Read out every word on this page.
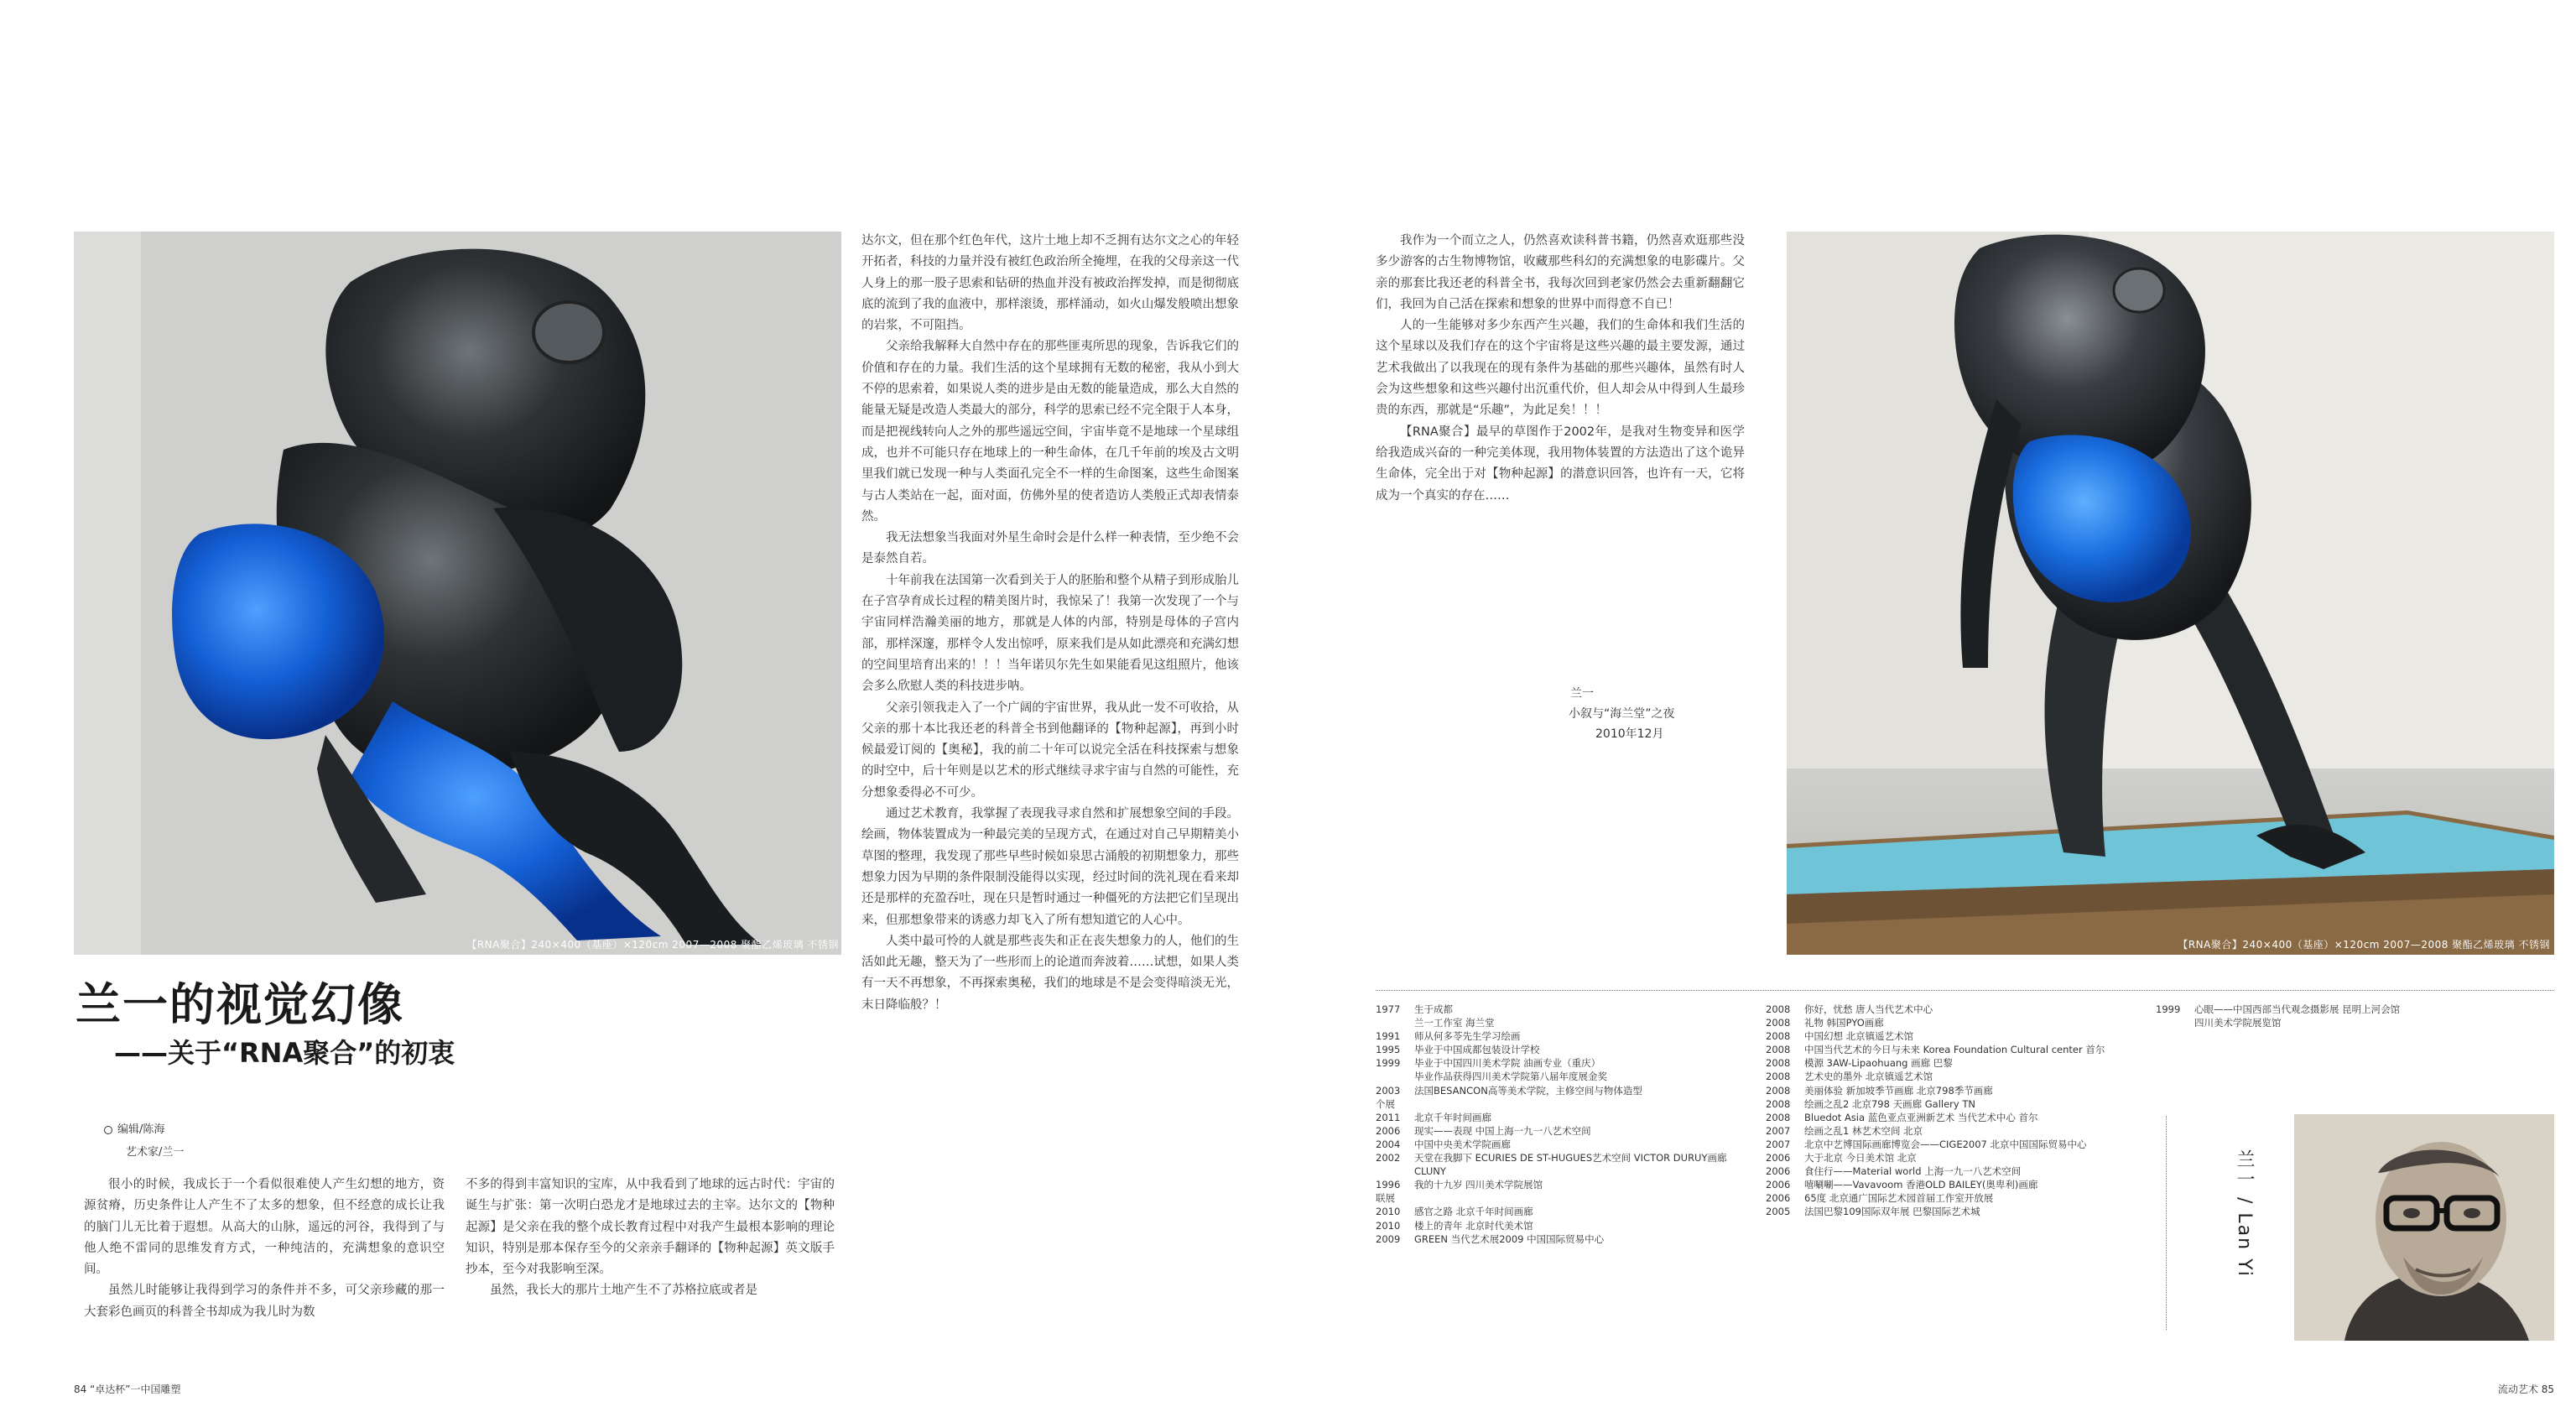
【RNA聚合】240×400（基座）×120cm 2007—2008 聚酯乙烯玻璃 不锈钢
兰一的视觉幻像
——关于“RNA聚合”的初衷
编辑/陈海
艺术家/兰一

很小的时候，我成长于一个看似很难使人产生幻想的地方，资源贫瘠，历史条件让人产生不了太多的想象，但不经意的成长让我的脑门儿无比着于遐想。从高大的山脉，遥远的河谷，我得到了与他人绝不雷同的思维发育方式，一种纯洁的，充满想象的意识空间。

虽然儿时能够让我得到学习的条件并不多，可父亲珍藏的那一大套彩色画页的科普全书却成为我儿时为数

不多的得到丰富知识的宝库，从中我看到了地球的远古时代：宇宙的诞生与扩张：第一次明白恐龙才是地球过去的主宰。达尔文的【物种起源】是父亲在我的整个成长教育过程中对我产生最根本影响的理论知识，特别是那本保存至今的父亲亲手翻译的【物种起源】英文版手抄本，至今对我影响至深。

虽然，我长大的那片土地产生不了苏格拉底或者是

达尔文，但在那个红色年代，这片土地上却不乏拥有达尔文之心的年轻开拓者，科技的力量并没有被红色政治所全掩埋，在我的父母亲这一代人身上的那一股子思索和钻研的热血并没有被政治挥发掉，而是彻彻底底的流到了我的血液中，那样滚烫，那样涌动，如火山爆发般喷出想象的岩浆，不可阻挡。

父亲给我解释大自然中存在的那些匪夷所思的现象，告诉我它们的价值和存在的力量。我们生活的这个星球拥有无数的秘密，我从小到大不停的思索着，如果说人类的进步是由无数的能量造成，那么大自然的能量无疑是改造人类最大的部分，科学的思索已经不完全限于人本身，而是把视线转向人之外的那些遥远空间，宇宙毕竟不是地球一个星球组成，也并不可能只存在地球上的一种生命体，在几千年前的埃及古文明里我们就已发现一种与人类面孔完全不一样的生命图案，这些生命图案与古人类站在一起，面对面，仿佛外星的使者造访人类般正式却表情泰然。

我无法想象当我面对外星生命时会是什么样一种表情，至少绝不会是泰然自若。

十年前我在法国第一次看到关于人的胚胎和整个从精子到形成胎儿在子宫孕育成长过程的精美图片时，我惊呆了！我第一次发现了一个与宇宙同样浩瀚美丽的地方，那就是人体的内部，特别是母体的子宫内部，那样深邃，那样令人发出惊呼，原来我们是从如此漂亮和充满幻想的空间里培育出来的！！！当年诺贝尔先生如果能看见这组照片，他该会多么欣慰人类的科技进步呐。

父亲引领我走入了一个广阔的宇宙世界，我从此一发不可收拾，从父亲的那十本比我还老的科普全书到他翻译的【物种起源】，再到小时候最爱订阅的【奥秘】，我的前二十年可以说完全活在科技探索与想象的时空中，后十年则是以艺术的形式继续寻求宇宙与自然的可能性，充分想象委得必不可少。

通过艺术教育，我掌握了表现我寻求自然和扩展想象空间的手段。绘画，物体装置成为一种最完美的呈现方式，在通过对自己早期精美小草图的整理，我发现了那些早些时候如泉思古涌般的初期想象力，那些想象力因为早期的条件限制没能得以实现，经过时间的洗礼现在看来却还是那样的充盈吞吐，现在只是暂时通过一种僵死的方法把它们呈现出来，但那想象带来的诱惑力却飞入了所有想知道它的人心中。

人类中最可怜的人就是那些丧失和正在丧失想象力的人，他们的生活如此无趣，整天为了一些形而上的论道而奔波着……试想，如果人类有一天不再想象，不再探索奥秘，我们的地球是不是会变得暗淡无光，末日降临般？！

84 “卓达杯”一中国雕塑

我作为一个而立之人，仍然喜欢读科普书籍，仍然喜欢逛那些没多少游客的古生物博物馆，收藏那些科幻的充满想象的电影碟片。父亲的那套比我还老的科普全书，我每次回到老家仍然会去重新翻翻它们，我回为自己活在探索和想象的世界中而得意不自已！

人的一生能够对多少东西产生兴趣，我们的生命体和我们生活的这个星球以及我们存在的这个宇宙将是这些兴趣的最主要发源，通过艺术我做出了以我现在的现有条件为基础的那些兴趣体，虽然有时人会为这些想象和这些兴趣付出沉重代价，但人却会从中得到人生最珍贵的东西，那就是“乐趣”，为此足矣！！！

【RNA聚合】最早的草图作于2002年，是我对生物变异和医学给我造成兴奋的一种完美体现，我用物体装置的方法造出了这个诡异生命体，完全出于对【物种起源】的潜意识回答，也许有一天，它将成为一个真实的存在……

兰一
小叙与“海兰堂”之夜
2010年12月
【RNA聚合】240×400（基座）×120cm 2007—2008 聚酯乙烯玻璃 不锈钢
1977	生于成都
兰一工作室 海兰堂
1991	师从何多苓先生学习绘画
1995	毕业于中国成都包装设计学校
1999	毕业于中国四川美术学院 油画专业（重庆）
毕业作品获得四川美术学院第八届年度展金奖
2003	法国BESANCON高等美术学院，主修空间与物体造型
个展
2011	北京千年时间画廊
2006	现实——表现 中国上海一九一八艺术空间
2004	中国中央美术学院画廊
2002	天堂在我脚下 ECURIES DE ST-HUGUES艺术空间 VICTOR DURUY画廊 CLUNY
1996	我的十九岁 四川美术学院展馆
联展
2010	感官之路 北京千年时间画廊
2010	楼上的青年 北京时代美术馆
2009	GREEN 当代艺术展2009 中国国际贸易中心
2008	你好，忧愁 唐人当代艺术中心
2008	礼物 韩国PYO画廊
2008	中国幻想 北京镇遥艺术馆
2008	中国当代艺术的今日与未来 Korea Foundation Cultural center 首尔
2008	模源 3AW-Lipaohuang 画廊 巴黎
2008	艺术史的墨外 北京镇遥艺术馆
2008	美丽体验 新加坡季节画廊 北京798季节画廊
2008	绘画之乱2 北京798 天画廊 Gallery TN
2008	Bluedot Asia 蓝色亚点亚洲新艺术 当代艺术中心 首尔
2007	绘画之乱1 林艺术空间 北京
2007	北京中艺博国际画廊博览会——CIGE2007 北京中国国际贸易中心
2006	大于北京 今日美术馆 北京
2006	食住行——Material world 上海一九一八艺术空间
2006	嘻唰唰——Vavavoom 香港OLD BAILEY(奥卑利)画廊
2006	65度 北京通广国际艺术园首届工作室开放展
2005	法国巴黎109国际双年展 巴黎国际艺术城
1999	心眼——中国西部当代观念摄影展 昆明上河会馆 四川美术学院展览馆
兰一 / Lan Yi
流动艺术 85
